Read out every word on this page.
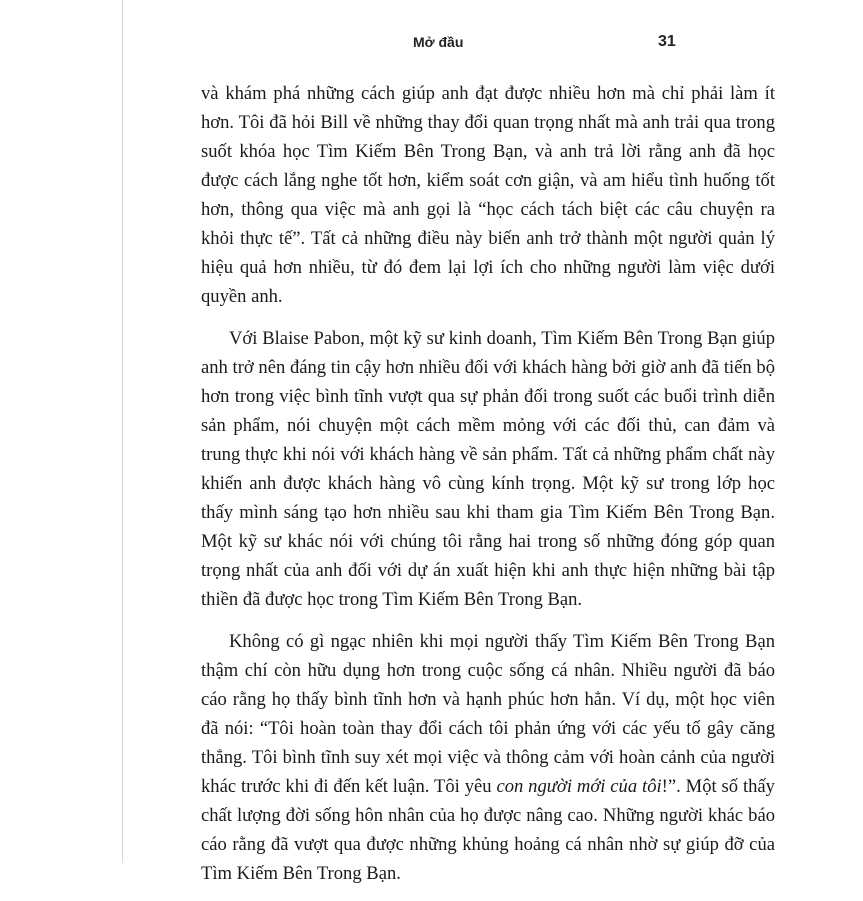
Mở đầu	31

và khám phá những cách giúp anh đạt được nhiều hơn mà chỉ phải làm ít hơn. Tôi đã hỏi Bill về những thay đổi quan trọng nhất mà anh trải qua trong suốt khóa học Tìm Kiếm Bên Trong Bạn, và anh trả lời rằng anh đã học được cách lắng nghe tốt hơn, kiểm soát cơn giận, và am hiểu tình huống tốt hơn, thông qua việc mà anh gọi là “học cách tách biệt các câu chuyện ra khỏi thực tế”. Tất cả những điều này biến anh trở thành một người quản lý hiệu quả hơn nhiều, từ đó đem lại lợi ích cho những người làm việc dưới quyền anh.

Với Blaise Pabon, một kỹ sư kinh doanh, Tìm Kiếm Bên Trong Bạn giúp anh trở nên đáng tin cậy hơn nhiều đối với khách hàng bởi giờ anh đã tiến bộ hơn trong việc bình tĩnh vượt qua sự phản đối trong suốt các buổi trình diễn sản phẩm, nói chuyện một cách mềm mỏng với các đối thủ, can đảm và trung thực khi nói với khách hàng về sản phẩm. Tất cả những phẩm chất này khiến anh được khách hàng vô cùng kính trọng. Một kỹ sư trong lớp học thấy mình sáng tạo hơn nhiều sau khi tham gia Tìm Kiếm Bên Trong Bạn. Một kỹ sư khác nói với chúng tôi rằng hai trong số những đóng góp quan trọng nhất của anh đối với dự án xuất hiện khi anh thực hiện những bài tập thiền đã được học trong Tìm Kiếm Bên Trong Bạn.

Không có gì ngạc nhiên khi mọi người thấy Tìm Kiếm Bên Trong Bạn thậm chí còn hữu dụng hơn trong cuộc sống cá nhân. Nhiều người đã báo cáo rằng họ thấy bình tĩnh hơn và hạnh phúc hơn hẳn. Ví dụ, một học viên đã nói: “Tôi hoàn toàn thay đổi cách tôi phản ứng với các yếu tố gây căng thẳng. Tôi bình tĩnh suy xét mọi việc và thông cảm với hoàn cảnh của người khác trước khi đi đến kết luận. Tôi yêu con người mới của tôi!”. Một số thấy chất lượng đời sống hôn nhân của họ được nâng cao. Những người khác báo cáo rằng đã vượt qua được những khủng hoảng cá nhân nhờ sự giúp đỡ của Tìm Kiếm Bên Trong Bạn.
